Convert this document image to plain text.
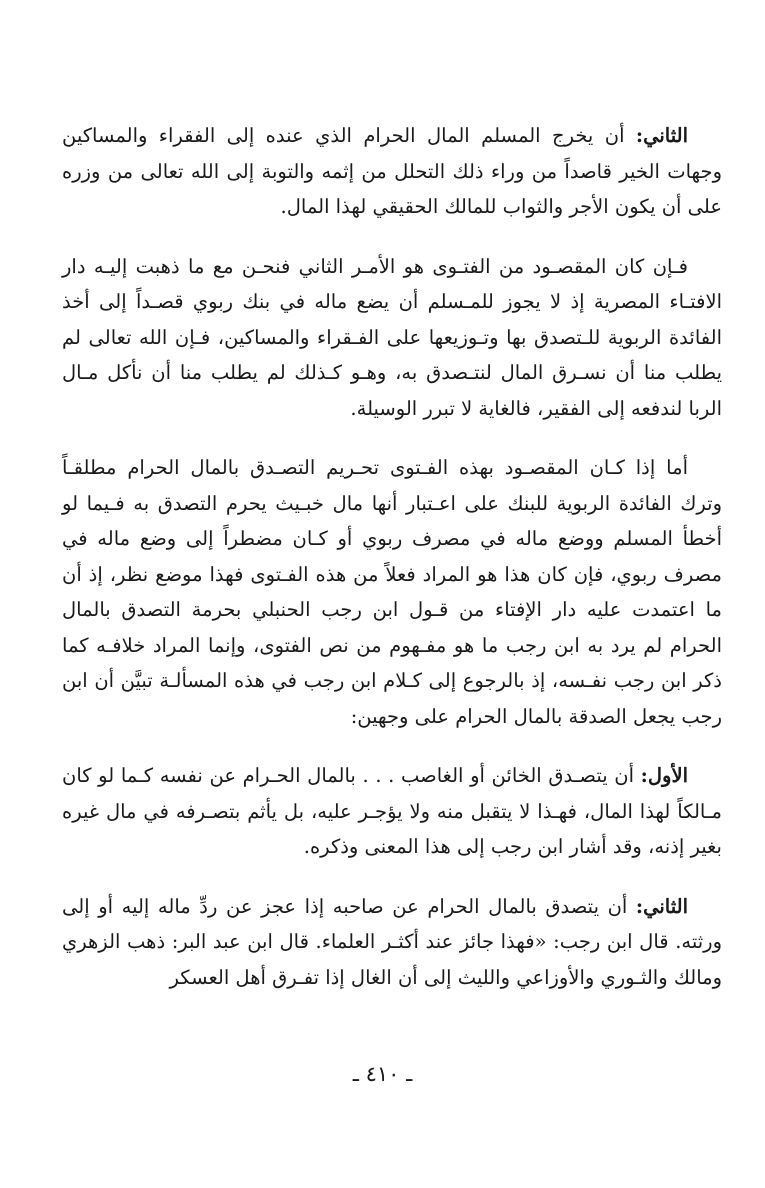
الثاني: أن يخرج المسلم المال الحرام الذي عنده إلى الفقراء والمساكين وجهات الخير قاصداً من وراء ذلك التحلل من إثمه والتوبة إلى الله تعالى من وزره على أن يكون الأجر والثواب للمالك الحقيقي لهذا المال.

فـإن كان المقصـود من الفتـوى هو الأمـر الثاني فنحـن مع ما ذهبت إليـه دار الافتـاء المصرية إذ لا يجوز للمـسلم أن يضع ماله في بنك ربوي قصـداً إلى أخذ الفائدة الربوية للـتصدق بها وتـوزيعها على الفـقراء والمساكين، فـإن الله تعالى لم يطلب منا أن نسـرق المال لنتـصدق به، وهـو كـذلك لم يطلب منا أن نأكل مـال الربا لندفعه إلى الفقير، فالغاية لا تبرر الوسيلة.

أما إذا كـان المقصـود بهذه الفـتوى تحـريم التصـدق بالمال الحرام مطلقـاً وترك الفائدة الربوية للبنك على اعـتبار أنها مال خبـيث يحرم التصدق به فـيما لو أخطأ المسلم ووضع ماله في مصرف ربوي أو كـان مضطراً إلى وضع ماله في مصرف ربوي، فإن كان هذا هو المراد فعلاً من هذه الفـتوى فهذا موضع نظر، إذ أن ما اعتمدت عليه دار الإفتاء من قـول ابن رجب الحنبلي بحرمة التصدق بالمال الحرام لم يرد به ابن رجب ما هو مفـهوم من نص الفتوى، وإنما المراد خلافـه كما ذكر ابن رجب نفـسه، إذ بالرجوع إلى كـلام ابن رجب في هذه المسألـة تبيَّن أن ابن رجب يجعل الصدقة بالمال الحرام على وجهين:

الأول: أن يتصـدق الخائن أو الغاصب . . . بالمال الحـرام عن نفسه كـما لو كان مـالكاً لهذا المال، فهـذا لا يتقبل منه ولا يؤجـر عليه، بل يأثم بتصـرفه في مال غيره بغير إذنه، وقد أشار ابن رجب إلى هذا المعنى وذكره.

الثاني: أن يتصدق بالمال الحرام عن صاحبه إذا عجز عن ردِّ ماله إليه أو إلى ورثته. قال ابن رجب: «فهذا جائز عند أكثـر العلماء. قال ابن عبد البر: ذهب الزهري ومالك والثـوري والأوزاعي والليث إلى أن الغال إذا تفـرق أهل العسكر

ـ ٤١٠ ـ
